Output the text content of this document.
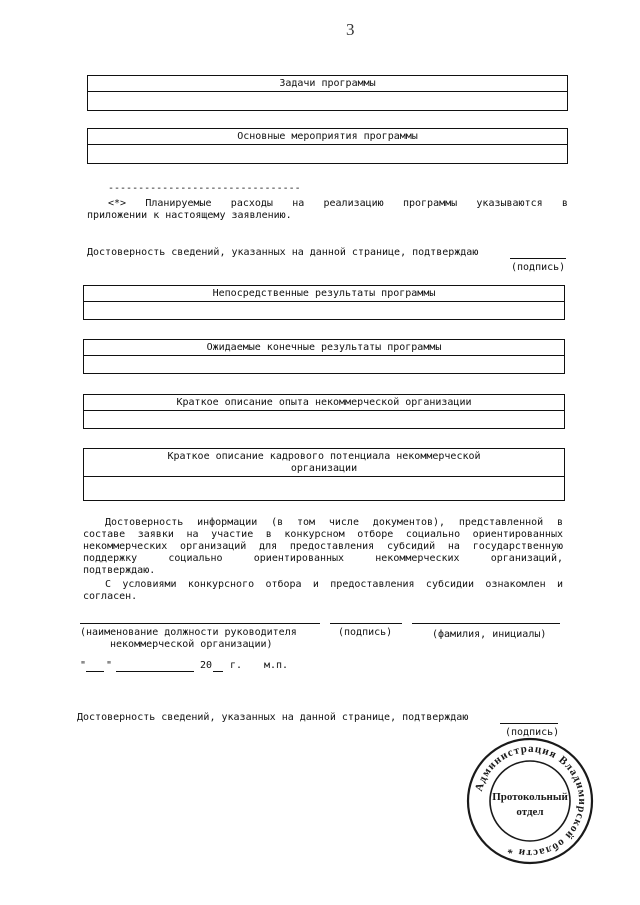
3
Задачи программы
Основные мероприятия программы
--------------------------------
<*> Планируемые расходы на реализацию программы указываются в
приложении к настоящему заявлению.
Достоверность сведений, указанных на данной странице, подтверждаю
(подпись)
Непосредственные результаты программы
Ожидаемые конечные результаты программы
Краткое описание опыта некоммерческой организации
Краткое описание кадрового потенциала некоммерческой
организации
Достоверность информации (в том числе документов), представленной в
составе заявки на участие в конкурсном отборе социально ориентированных
некоммерческих организаций для предоставления субсидий на государственную
поддержку социально ориентированных некоммерческих организаций,
подтверждаю.
С условиями конкурсного отбора и предоставления субсидии ознакомлен и
согласен.
(наименование должности руководителя
некоммерческой организации)
(подпись)	(фамилия, инициалы)
" "	20 г. м.п.
Достоверность сведений, указанных на данной странице, подтверждаю
(подпись)
Администрация Владимирской области *
Протокольный
отдел
